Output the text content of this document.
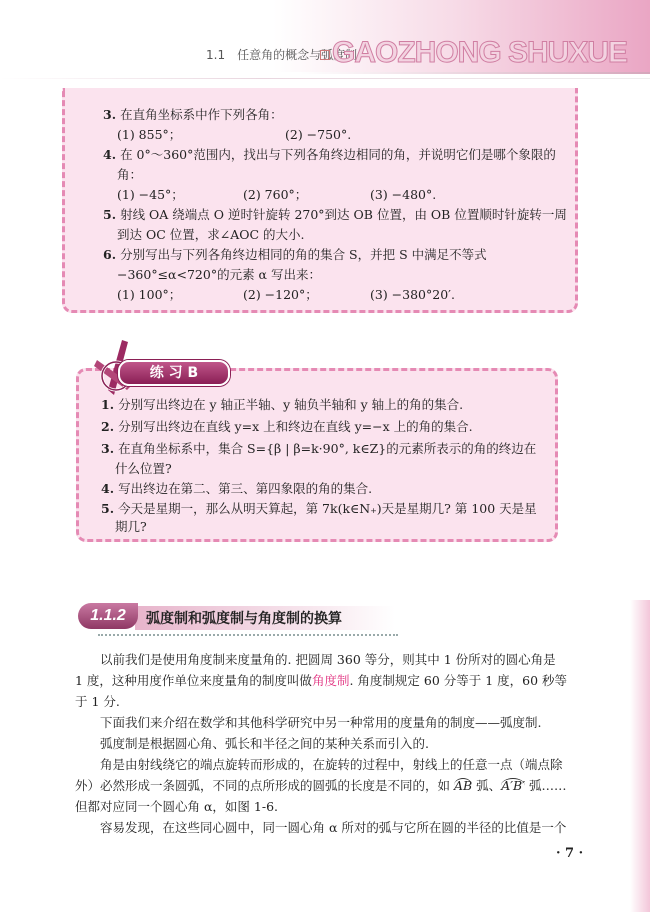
1.1　任意角的概念与弧度制
GAOZHONG SHUXUE
3. 在直角坐标系中作下列各角：
(1) 855°；	(2) −750°.
4. 在 0°～360°范围内，找出与下列各角终边相同的角，并说明它们是哪个象限的
角：
(1) −45°；	(2) 760°；	(3) −480°.
5. 射线 OA 绕端点 O 逆时针旋转 270°到达 OB 位置，由 OB 位置顺时针旋转一周
到达 OC 位置，求∠AOC 的大小.
6. 分别写出与下列各角终边相同的角的集合 S，并把 S 中满足不等式
−360°≤α<720°的元素 α 写出来：
(1) 100°；	(2) −120°；	(3) −380°20′.
1. 分别写出终边在 y 轴正半轴、y 轴负半轴和 y 轴上的角的集合.
2. 分别写出终边在直线 y=x 上和终边在直线 y=−x 上的角的集合.
3. 在直角坐标系中，集合 S={β | β=k·90°, k∈Z}的元素所表示的角的终边在
什么位置?
4. 写出终边在第二、第三、第四象限的角的集合.
5. 今天是星期一，那么从明天算起，第 7k(k∈N₊)天是星期几? 第 100 天是星
期几?
练 习 B
1.1.2	弧度制和弧度制与角度制的换算
以前我们是使用角度制来度量角的. 把圆周 360 等分，则其中 1 份所对的圆心角是
1 度，这种用度作单位来度量角的制度叫做角度制. 角度制规定 60 分等于 1 度，60 秒等
于 1 分.
下面我们来介绍在数学和其他科学研究中另一种常用的度量角的制度——弧度制.
弧度制是根据圆心角、弧长和半径之间的某种关系而引入的.
角是由射线绕它的端点旋转而形成的，在旋转的过程中，射线上的任意一点（端点除
外）必然形成一条圆弧，不同的点所形成的圆弧的长度是不同的，如 AB 弧、A′B′ 弧……
但都对应同一个圆心角 α，如图 1-6.
容易发现，在这些同心圆中，同一圆心角 α 所对的弧与它所在圆的半径的比值是一个
· 7 ·
